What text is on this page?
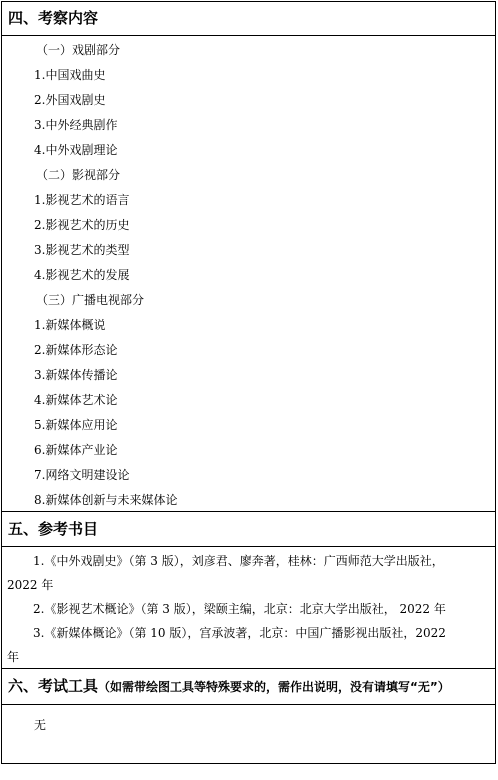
四、考察内容
（一）戏剧部分
1.中国戏曲史
2.外国戏剧史
3.中外经典剧作
4.中外戏剧理论
（二）影视部分
1.影视艺术的语言
2.影视艺术的历史
3.影视艺术的类型
4.影视艺术的发展
（三）广播电视部分
1.新媒体概说
2.新媒体形态论
3.新媒体传播论
4.新媒体艺术论
5.新媒体应用论
6.新媒体产业论
7.网络文明建设论
8.新媒体创新与未来媒体论
五、参考书目
1.《中外戏剧史》（第 3 版），刘彦君、廖奔著，桂林：广西师范大学出版社，
2022 年
2.《影视艺术概论》（第 3 版），梁颐主编，北京：北京大学出版社， 2022 年
3.《新媒体概论》（第 10 版），宫承波著，北京：中国广播影视出版社，2022
年
六、考试工具（如需带绘图工具等特殊要求的，需作出说明，没有请填写“无”）
无
